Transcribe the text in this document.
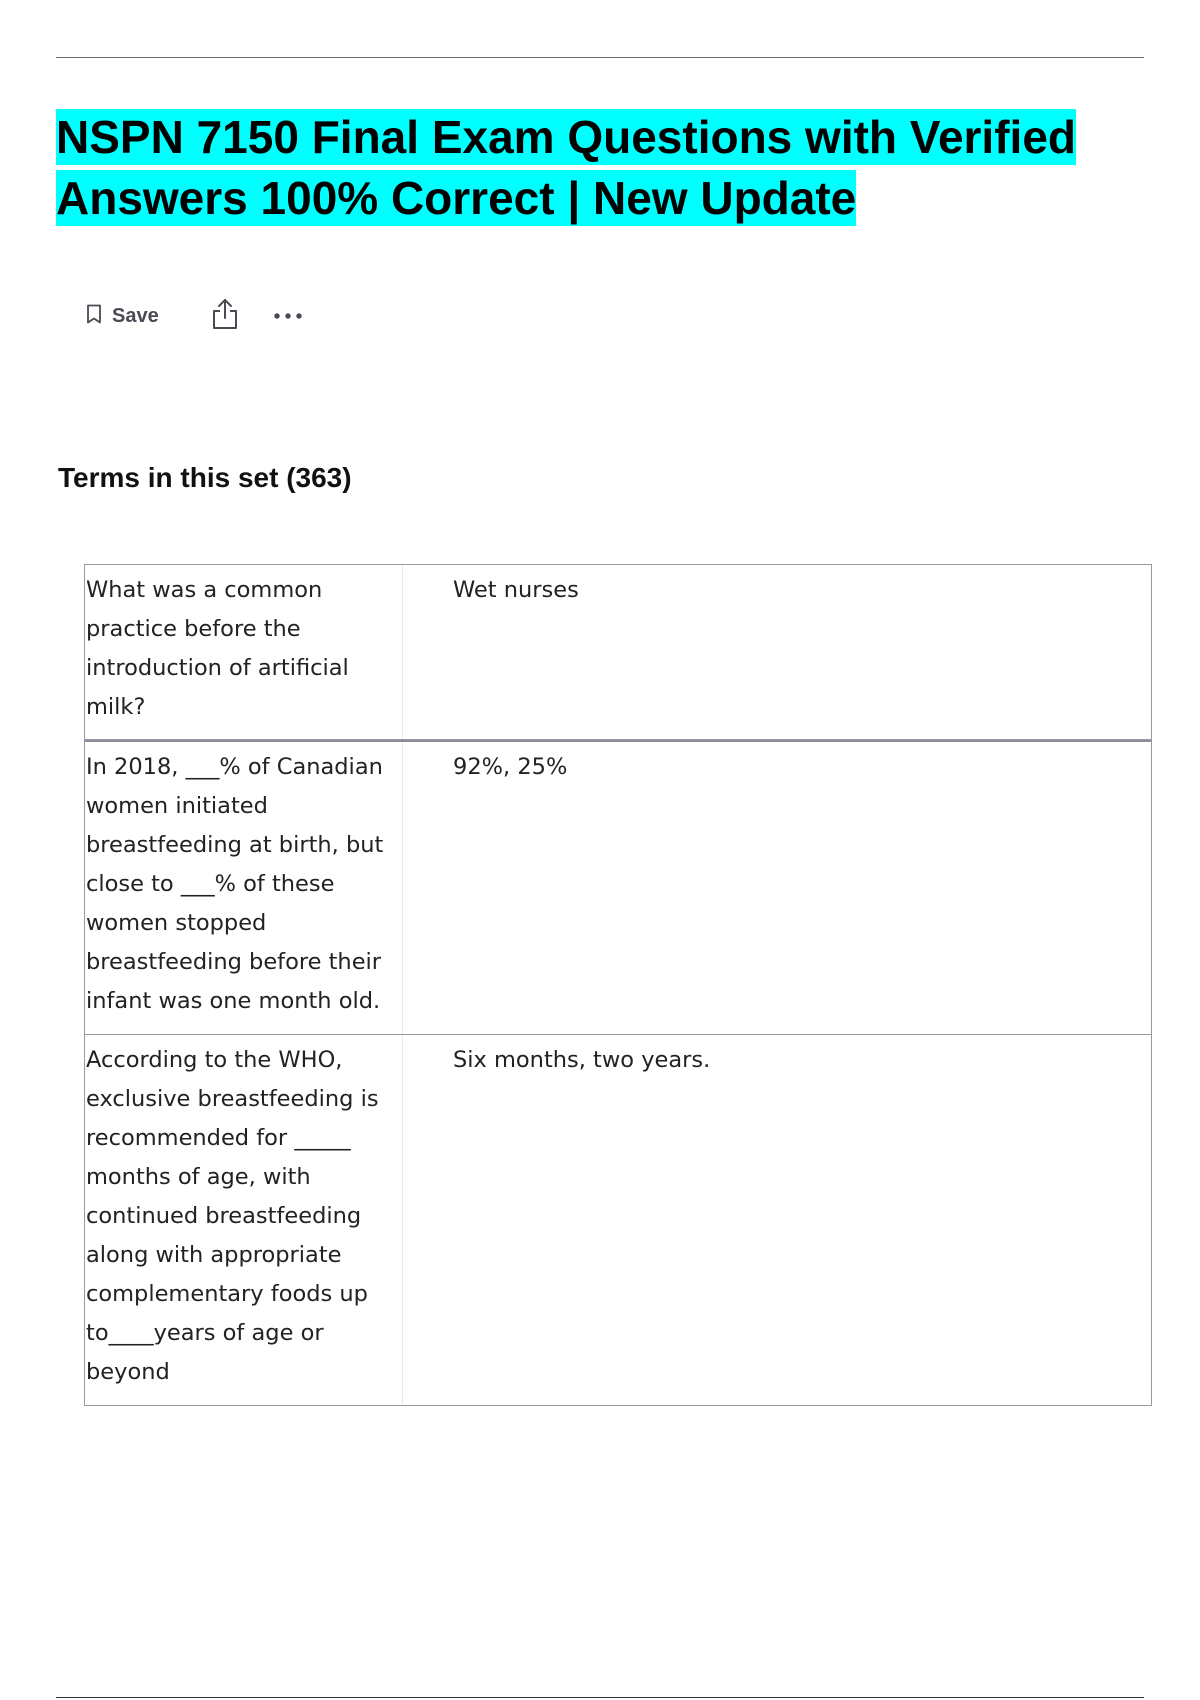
NSPN 7150 Final Exam Questions with Verified
Answers 100% Correct | New Update
Save
Terms in this set (363)
What was a common
practice before the
introduction of artificial
milk?
Wet nurses
In 2018, ___% of Canadian
women initiated
breastfeeding at birth, but
close to ___% of these
women stopped
breastfeeding before their
infant was one month old.
92%, 25%
According to the WHO,
exclusive breastfeeding is
recommended for _____
months of age, with
continued breastfeeding
along with appropriate
complementary foods up
to____years of age or
beyond
Six months, two years.
